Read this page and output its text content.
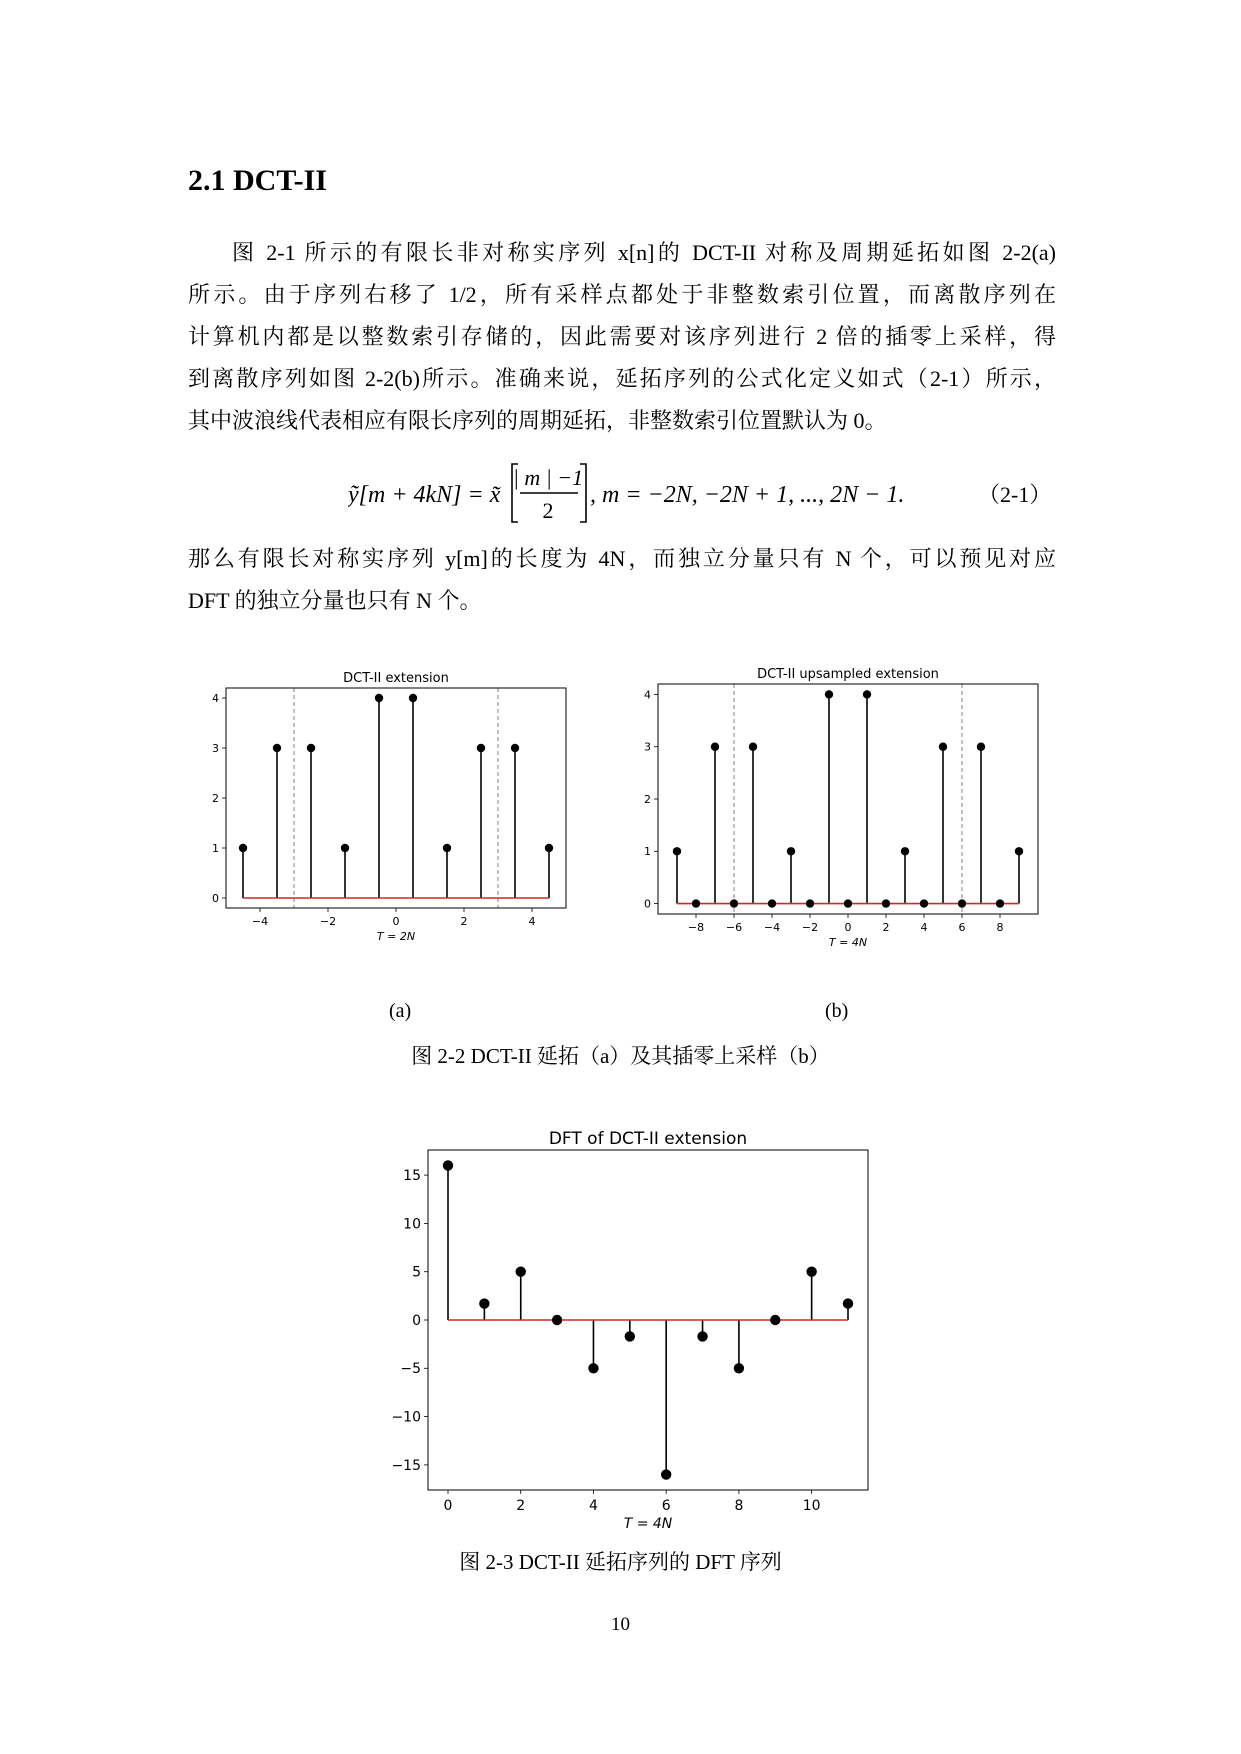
2.1 DCT-II

图 2-1 所示的有限长非对称实序列 x[n]的 DCT-II 对称及周期延拓如图 2-2(a)

所示。由于序列右移了 1/2，所有采样点都处于非整数索引位置，而离散序列在

计算机内都是以整数索引存储的，因此需要对该序列进行 2 倍的插零上采样，得

到离散序列如图 2-2(b)所示。准确来说，延拓序列的公式化定义如式（2-1）所示，

其中波浪线代表相应有限长序列的周期延拓，非整数索引位置默认为 0。

ỹ[m + 4kN] = x̃
| m | −1
2
, m = −2N, −2N + 1, ..., 2N − 1.	（2-1）

那么有限长对称实序列 y[m]的长度为 4N，而独立分量只有 N 个，可以预见对应

DFT 的独立分量也只有 N 个。

DCT-II extension
−4	−2	0	2	4
0
1
2
3
4
T = 2N
DCT-II upsampled extension
−8 −6 −4 −2 0	2	4	6	8
0
1
2
3
4
T = 4N
(a)	(b)
图 2-2 DCT-II 延拓（a）及其插零上采样（b）
DFT of DCT-II extension
0	2	4	6	8	10
15
10
5
0
−5
−10
−15
T = 4N
图 2-3 DCT-II 延拓序列的 DFT 序列
10
